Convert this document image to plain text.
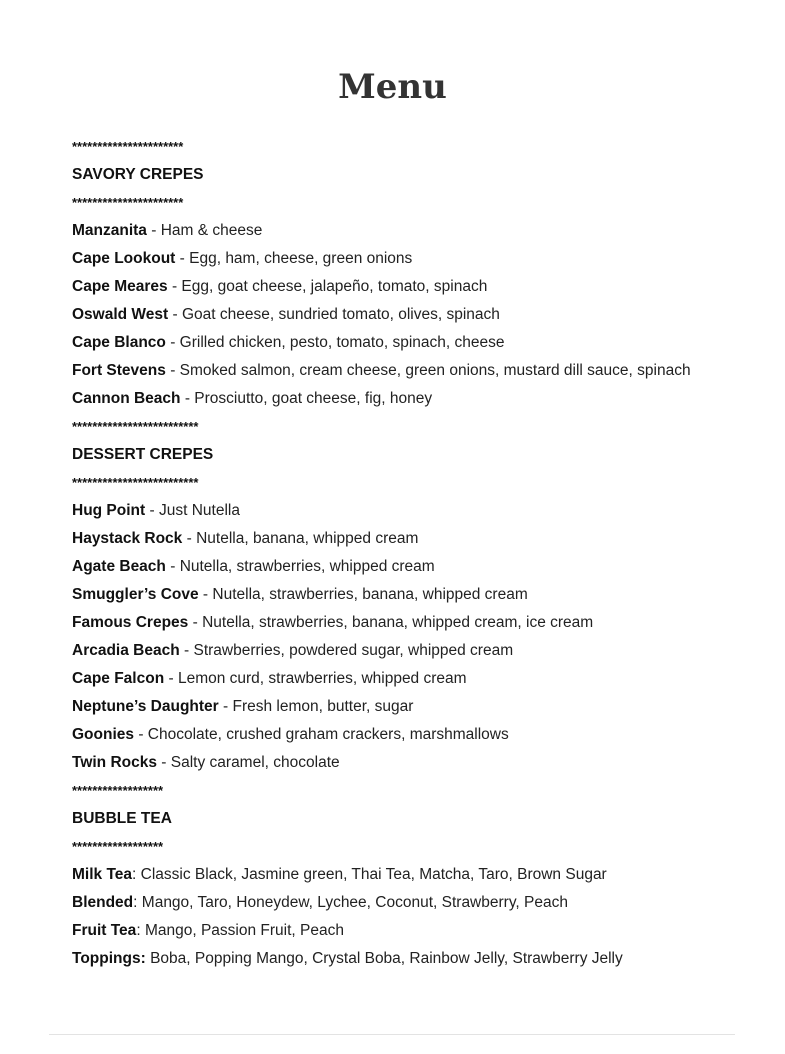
Menu
**********************
SAVORY CREPES
**********************
Manzanita - Ham & cheese
Cape Lookout - Egg, ham, cheese, green onions
Cape Meares - Egg, goat cheese, jalapeño, tomato, spinach
Oswald West - Goat cheese, sundried tomato, olives, spinach
Cape Blanco - Grilled chicken, pesto, tomato, spinach, cheese
Fort Stevens - Smoked salmon, cream cheese, green onions, mustard dill sauce, spinach
Cannon Beach - Prosciutto, goat cheese, fig, honey
*************************
DESSERT CREPES
*************************
Hug Point - Just Nutella
Haystack Rock - Nutella, banana, whipped cream
Agate Beach - Nutella, strawberries, whipped cream
Smuggler’s Cove - Nutella, strawberries, banana, whipped cream
Famous Crepes - Nutella, strawberries, banana, whipped cream, ice cream
Arcadia Beach - Strawberries, powdered sugar, whipped cream
Cape Falcon - Lemon curd, strawberries, whipped cream
Neptune’s Daughter - Fresh lemon, butter, sugar
Goonies - Chocolate, crushed graham crackers, marshmallows
Twin Rocks - Salty caramel, chocolate
******************
BUBBLE TEA
******************
Milk Tea: Classic Black, Jasmine green, Thai Tea, Matcha, Taro, Brown Sugar
Blended: Mango, Taro, Honeydew, Lychee, Coconut, Strawberry, Peach
Fruit Tea: Mango, Passion Fruit, Peach
Toppings: Boba, Popping Mango, Crystal Boba, Rainbow Jelly, Strawberry Jelly
